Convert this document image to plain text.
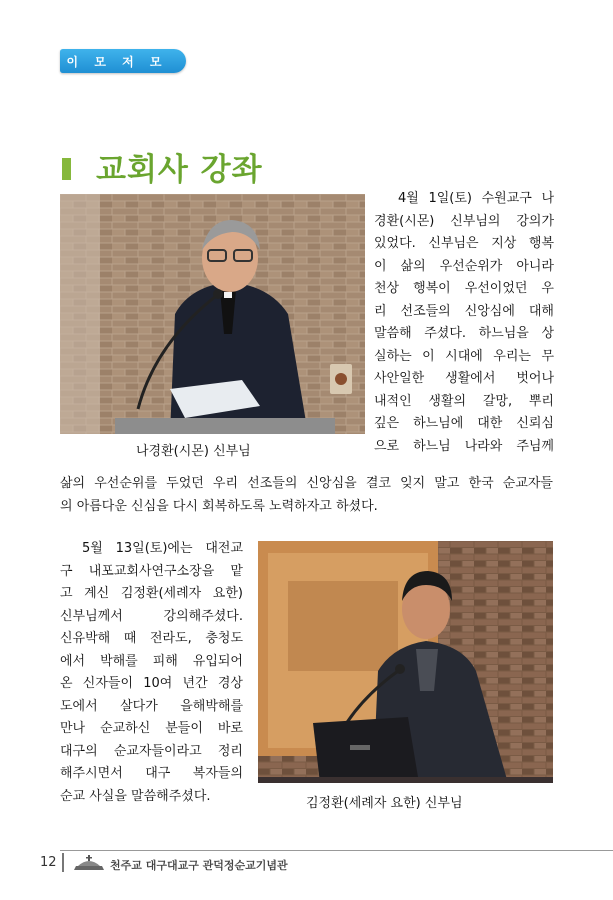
이 모 저 모
교회사 강좌
나경환(시몬) 신부님
4월 1일(토) 수원교구 나
경환(시몬) 신부님의 강의가
있었다. 신부님은 지상 행복
이 삶의 우선순위가 아니라
천상 행복이 우선이었던 우
리 선조들의 신앙심에 대해
말씀해 주셨다. 하느님을 상
실하는 이 시대에 우리는 무
사안일한 생활에서 벗어나
내적인 생활의 갈망, 뿌리
깊은 하느님에 대한 신뢰심
으로 하느님 나라와 주님께
삶의 우선순위를 두었던 우리 선조들의 신앙심을 결코 잊지 말고 한국 순교자들
의 아름다운 신심을 다시 회복하도록 노력하자고 하셨다.
5월 13일(토)에는 대전교
구 내포교회사연구소장을 맡
고 계신 김정환(세례자 요한)
신부님께서 강의해주셨다.
신유박해 때 전라도, 충청도
에서 박해를 피해 유입되어
온 신자들이 10여 년간 경상
도에서 살다가 을해박해를
만나 순교하신 분들이 바로
대구의 순교자들이라고 정리
해주시면서 대구 복자들의
순교 사실을 말씀해주셨다.	김정환(세례자 요한) 신부님
12	천주교 대구대교구 관덕정순교기념관
